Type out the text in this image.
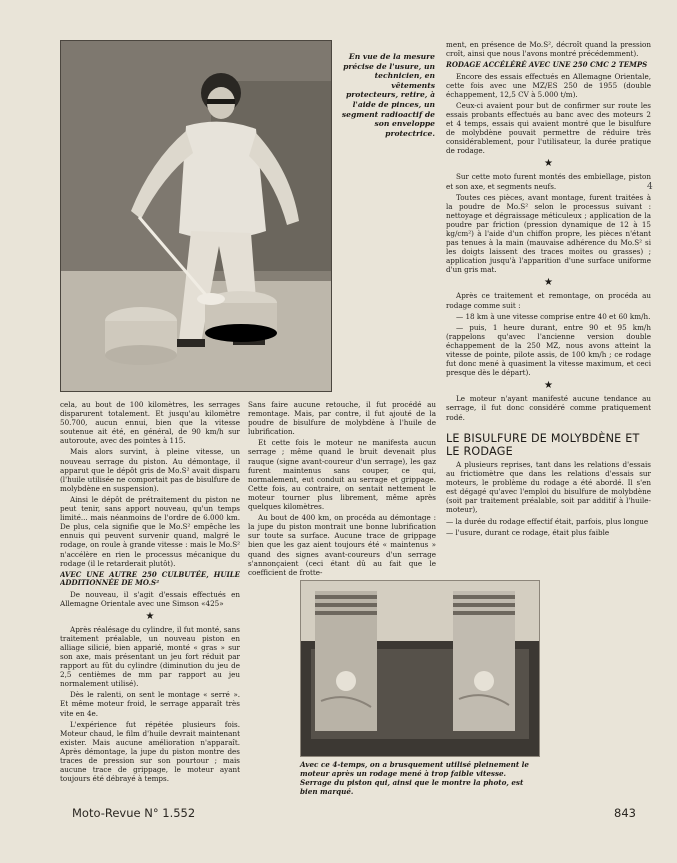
En vue de la mesure précise de l'usure, un technicien, en vêtements protecteurs, retire, à l'aide de pinces, un segment radioactif de son enveloppe protectrice.
4

ment, en présence de Mo.S², décroît quand la pression croît, ainsi que nous l'avons montré précédemment).

RODAGE ACCÉLÉRÉ AVEC UNE 250 CMC 2 TEMPS

Encore des essais effectués en Allemagne Orientale, cette fois avec une MZ/ES 250 de 1955 (double échappement, 12,5 CV à 5.000 t/m).

Ceux-ci avaient pour but de confirmer sur route les essais probants effectués au banc avec des moteurs 2 et 4 temps, essais qui avaient montré que le bisulfure de molybdène pouvait permettre de réduire très considérablement, pour l'utilisateur, la durée pratique de rodage.

★

Sur cette moto furent montés des embiellage, piston et son axe, et segments neufs.

Toutes ces pièces, avant montage, furent traitées à la poudre de Mo.S² selon le processus suivant : nettoyage et dégraissage méticuleux ; application de la poudre par friction (pression dynamique de 12 à 15 kg/cm²) à l'aide d'un chiffon propre, les pièces n'étant pas tenues à la main (mauvaise adhérence du Mo.S² si les doigts laissent des traces moites ou grasses) ; application jusqu'à l'apparition d'une surface uniforme d'un gris mat.

★

Après ce traitement et remontage, on procéda au rodage comme suit :

— 18 km à une vitesse comprise entre 40 et 60 km/h.

— puis, 1 heure durant, entre 90 et 95 km/h (rappelons qu'avec l'ancienne version double échappement de la 250 MZ, nous avons atteint la vitesse de pointe, pilote assis, de 100 km/h ; ce rodage fut donc mené à quasiment la vitesse maximum, et ceci presque dès le départ).

★

Le moteur n'ayant manifesté aucune tendance au serrage, il fut donc considéré comme pratiquement rodé.

LE BISULFURE DE MOLYBDÈNE ET LE RODAGE

A plusieurs reprises, tant dans les relations d'essais au frictiomètre que dans les relations d'essais sur moteurs, le problème du rodage a été abordé. Il s'en est dégagé qu'avec l'emploi du bisulfure de molybdène (soit par traitement préalable, soit par additif à l'huile-moteur),

— la durée du rodage effectif était, parfois, plus longue

— l'usure, durant ce rodage, était plus faible

cela, au bout de 100 kilomètres, les serrages disparurent totalement. Et jusqu'au kilomètre 50.700, aucun ennui, bien que la vitesse soutenue ait été, en général, de 90 km/h sur autoroute, avec des pointes à 115.

Mais alors survint, à pleine vitesse, un nouveau serrage du piston. Au démontage, il apparut que le dépôt gris de Mo.S² avait disparu (l'huile utilisée ne comportait pas de bisulfure de molybdène en suspension).

Ainsi le dépôt de prétraitement du piston ne peut tenir, sans apport nouveau, qu'un temps limité... mais néanmoins de l'ordre de 6.000 km. De plus, cela signifie que le Mo.S² empêche les ennuis qui peuvent survenir quand, malgré le rodage, on roule à grande vitesse : mais le Mo.S² n'accélère en rien le processus mécanique du rodage (il le retarderait plutôt).

AVEC UNE AUTRE 250 CULBUTÉE, HUILE ADDITIONNÉE DE MO.S²

De nouveau, il s'agit d'essais effectués en Allemagne Orientale avec une Simson «425»

★

Après réalésage du cylindre, il fut monté, sans traitement préalable, un nouveau piston en alliage silicié, bien apparié, monté « gras » sur son axe, mais présentant un jeu fort réduit par rapport au fût du cylindre (diminution du jeu de 2,5 centièmes de mm par rapport au jeu normalement utilisé).

Dès le ralenti, on sent le montage « serré ». Et même moteur froid, le serrage apparaît très vite en 4e.

L'expérience fut répétée plusieurs fois. Moteur chaud, le film d'huile devrait maintenant exister. Mais aucune amélioration n'apparaît. Après démontage, la jupe du piston montre des traces de pression sur son pourtour ; mais aucune trace de grippage, le moteur ayant toujours été débrayé à temps.

Sans faire aucune retouche, il fut procédé au remontage. Mais, par contre, il fut ajouté de la poudre de bisulfure de molybdène à l'huile de lubrification.

Et cette fois le moteur ne manifesta aucun serrage ; même quand le bruit devenait plus rauque (signe avant-coureur d'un serrage), les gaz furent maintenus sans couper, ce qui, normalement, eut conduit au serrage et grippage. Cette fois, au contraire, on sentait nettement le moteur tourner plus librement, même après quelques kilomètres.

Au bout de 400 km, on procéda au démontage : la jupe du piston montrait une bonne lubrification sur toute sa surface. Aucune trace de grippage bien que les gaz aient toujours été « maintenus » quand des signes avant-coureurs d'un serrage s'annonçaient (ceci étant dû au fait que le coefficient de frotte-

Avec ce 4-temps, on a brusquement utilisé pleinement le moteur après un rodage mené à trop faible vitesse. Serrage du piston qui, ainsi que le montre la photo, est bien marqué.
Moto-Revue N° 1.552	843
